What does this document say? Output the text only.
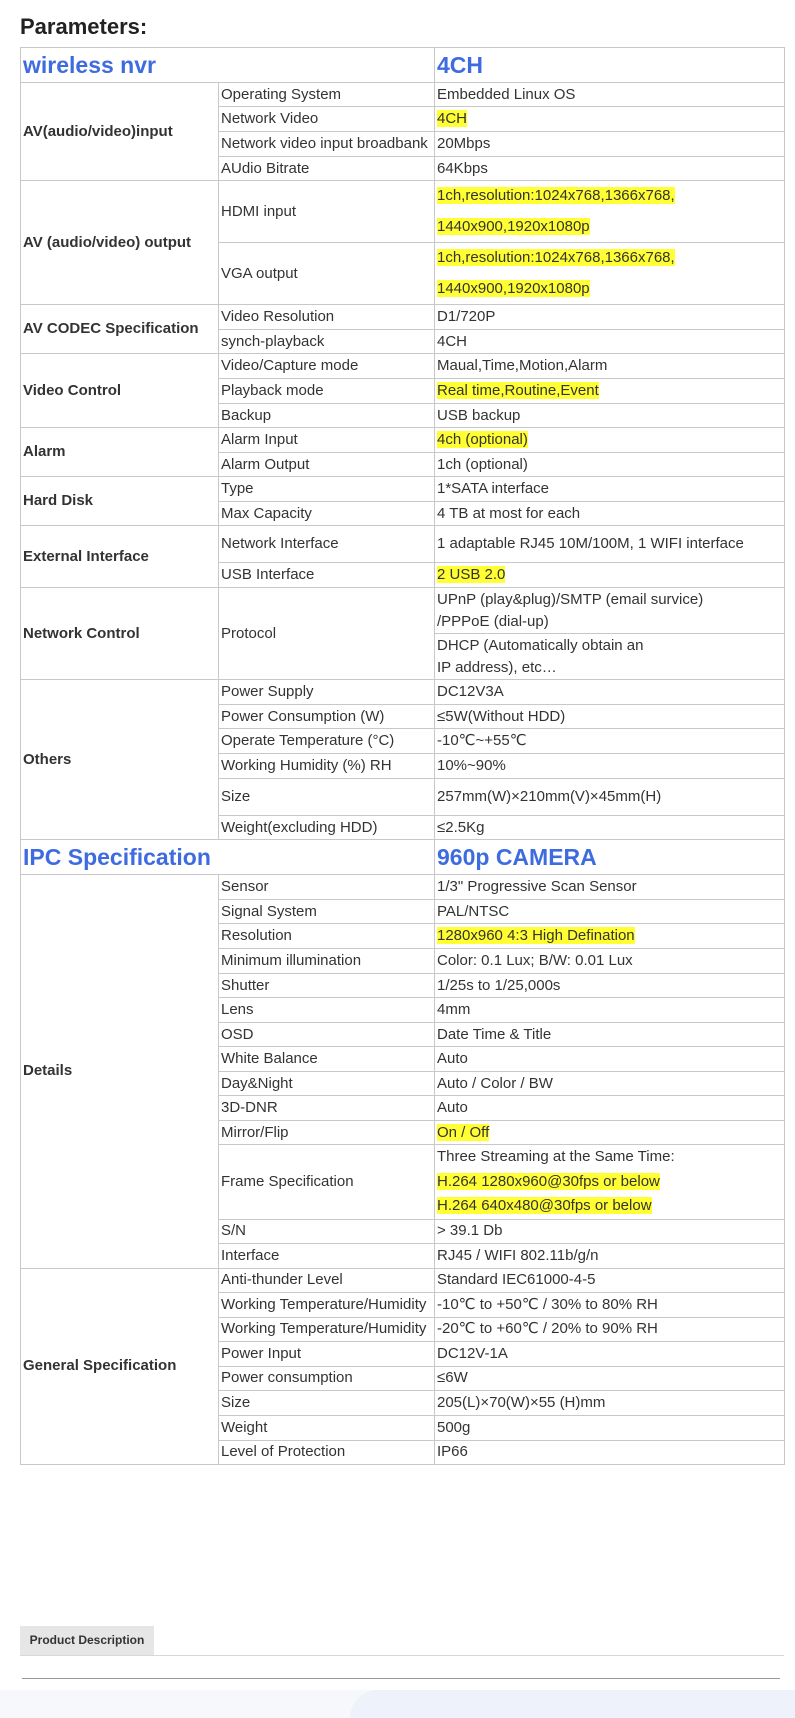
Parameters:
wireless nvr		4CH
AV(audio/video)input	Operating System	Embedded Linux OS

	Network Video	4CH

	Network video input broadbank	20Mbps

	AUdio Bitrate	64Kbps

AV (audio/video) output	HDMI input	1ch,resolution:1024x768,1366x768,
1440x900,1920x1080p

	VGA output	1ch,resolution:1024x768,1366x768,
1440x900,1920x1080p

AV CODEC Specification	Video Resolution	D1/720P

	synch-playback	4CH

Video Control	Video/Capture mode	Maual,Time,Motion,Alarm

	Playback mode	Real time,Routine,Event

	Backup	USB backup

Alarm	Alarm Input	4ch (optional)

	Alarm Output	1ch (optional)

Hard Disk	Type	1*SATA interface

	Max Capacity	4 TB at most for each

External Interface	Network Interface	1 adaptable RJ45 10M/100M, 1 WIFI interface

	USB Interface	2 USB 2.0

Network Control	Protocol	UPnP (play&plug)/SMTP (email survice)
/PPPoE (dial-up)

		DHCP (Automatically obtain an
IP address), etc…

Others	Power Supply	DC12V3A

	Power Consumption (W)	≤5W(Without HDD)

	Operate Temperature (°C)	-10℃~+55℃

	Working Humidity (%) RH	10%~90%

	Size	257mm(W)×210mm(V)×45mm(H)

	Weight(excluding HDD)	≤2.5Kg

IPC Specification		960p CAMERA
Details	Sensor	1/3" Progressive Scan Sensor

	Signal System	PAL/NTSC

	Resolution	1280x960 4:3 High Defination

	Minimum illumination	Color: 0.1 Lux; B/W: 0.01 Lux

	Shutter	1/25s to 1/25,000s

	Lens	4mm

	OSD	Date Time & Title

	White Balance	Auto

	Day&Night	Auto / Color / BW

	3D-DNR	Auto

	Mirror/Flip	On / Off

	Frame Specification	Three Streaming at the Same Time:
H.264 1280x960@30fps or below
H.264 640x480@30fps or below

	S/N	> 39.1 Db

	Interface	RJ45 / WIFI 802.11b/g/n

General Specification	Anti-thunder Level	Standard IEC61000-4-5

	Working Temperature/Humidity	-10℃ to +50℃ / 30% to 80% RH

	Working Temperature/Humidity	-20℃ to +60℃ / 20% to 90% RH

	Power Input	DC12V-1A

	Power consumption	≤6W

	Size	205(L)×70(W)×55 (H)mm

	Weight	500g

	Level of Protection	IP66
Product Description
